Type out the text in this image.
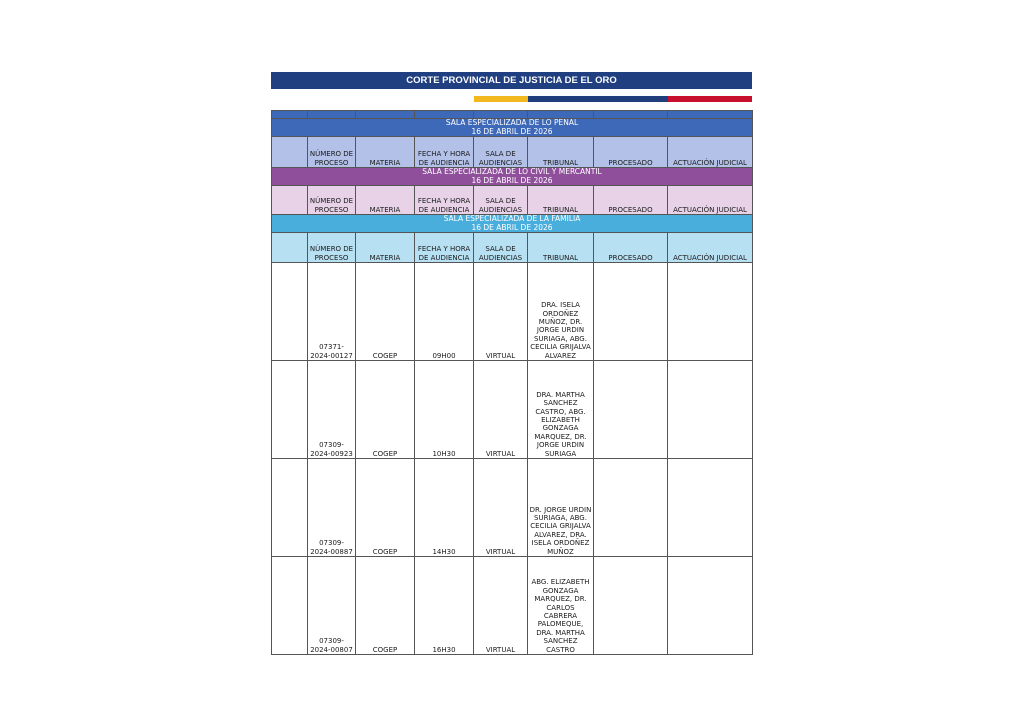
CORTE PROVINCIAL DE JUSTICIA DE EL ORO

SALA ESPECIALIZADA DE LO PENAL
16 DE ABRIL DE 2026							

	NÚMERO DE PROCESO	MATERIA	FECHA Y HORA DE AUDIENCIA	SALA DE AUDIENCIAS	TRIBUNAL	PROCESADO	ACTUACIÓN JUDICIAL

SALA ESPECIALIZADA DE LO CIVIL Y MERCANTIL
16 DE ABRIL DE 2026							

	NÚMERO DE PROCESO	MATERIA	FECHA Y HORA DE AUDIENCIA	SALA DE AUDIENCIAS	TRIBUNAL	PROCESADO	ACTUACIÓN JUDICIAL

SALA ESPECIALIZADA DE LA FAMILIA
16 DE ABRIL DE 2026							

	NÚMERO DE PROCESO	MATERIA	FECHA Y HORA DE AUDIENCIA	SALA DE AUDIENCIAS	TRIBUNAL	PROCESADO	ACTUACIÓN JUDICIAL
	07371-2024-00127	COGEP	09H00	VIRTUAL	DRA. ISELA ORDOÑEZ MUÑOZ, DR. JORGE URDIN SURIAGA, ABG. CECILIA GRIJALVA ALVAREZ		
	07309-2024-00923	COGEP	10H30	VIRTUAL	DRA. MARTHA SANCHEZ CASTRO, ABG. ELIZABETH GONZAGA MARQUEZ, DR. JORGE URDIN SURIAGA		
	07309-2024-00887	COGEP	14H30	VIRTUAL	DR. JORGE URDIN SURIAGA, ABG. CECILIA GRIJALVA ALVAREZ, DRA. ISELA ORDOÑEZ MUÑOZ		
	07309-2024-00807	COGEP	16H30	VIRTUAL	ABG. ELIZABETH GONZAGA MARQUEZ, DR. CARLOS CABRERA PALOMEQUE, DRA. MARTHA SANCHEZ CASTRO		
